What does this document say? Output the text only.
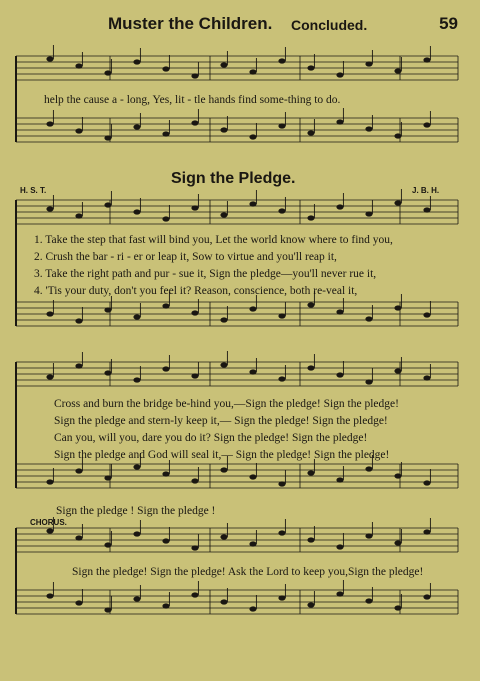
Muster the Children. Concluded.	59
help the cause a - long, Yes, lit - tle hands find some-thing to do.
Sign the Pledge.
H. S. T.	J. B. H.
1. Take the step that fast will bind you, Let the world know where to find you,
2. Crush the bar - ri - er or leap it, Sow to virtue and you'll reap it,
3. Take the right path and pur - sue it, Sign the pledge—you'll never rue it,
4. 'Tis your duty, don't you feel it? Reason, conscience, both re-veal it,
Cross and burn the bridge be-hind you,—Sign the pledge! Sign the pledge!
Sign the pledge and stern-ly keep it,— Sign the pledge! Sign the pledge!
Can you, will you, dare you do it? Sign the pledge! Sign the pledge!
Sign the pledge and God will seal it,— Sign the pledge! Sign the pledge!
Sign the pledge ! Sign the pledge !
CHORUS.
Sign the pledge! Sign the pledge! Ask the Lord to keep you,Sign the pledge!
